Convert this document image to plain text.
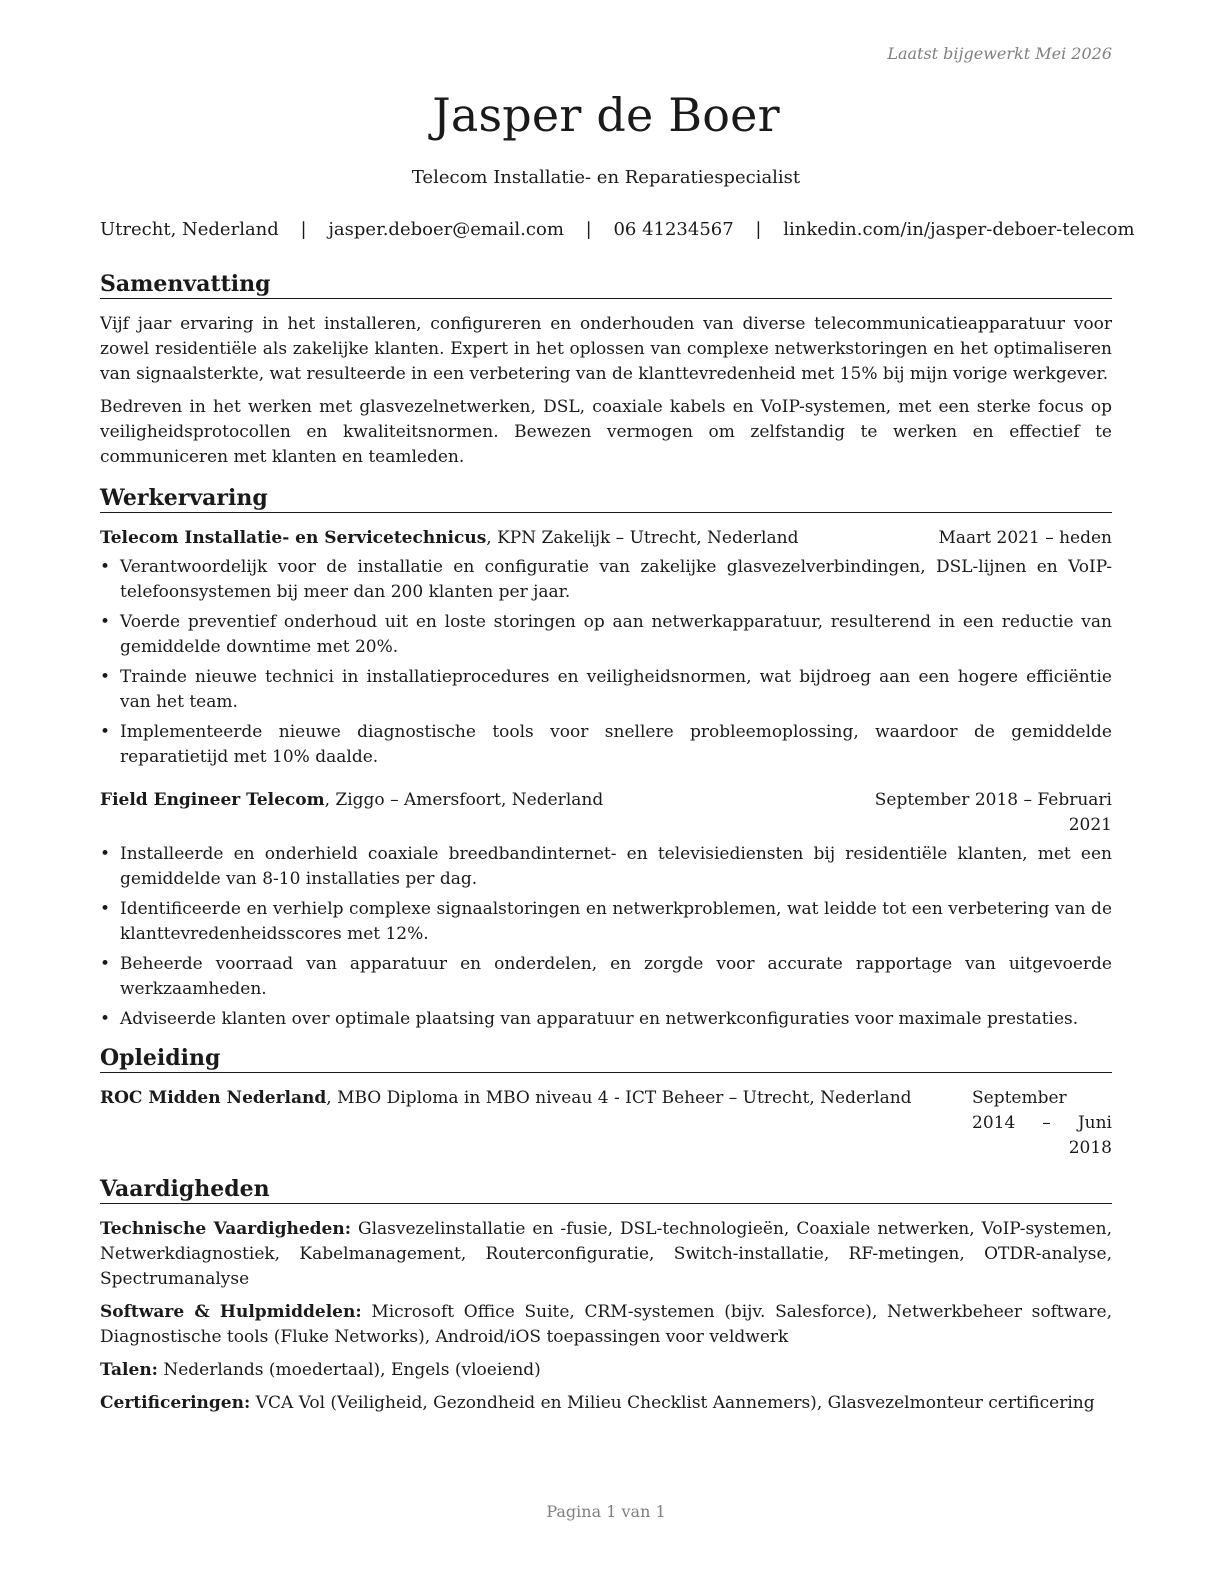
Laatst bijgewerkt Mei 2026
Jasper de Boer
Telecom Installatie- en Reparatiespecialist
Utrecht, Nederland | jasper.deboer@email.com | 06 41234567 | linkedin.com/in/jasper-deboer-telecom
Samenvatting

Vijf jaar ervaring in het installeren, configureren en onderhouden van diverse telecommunicatieapparatuur voor zowel residentiële als zakelijke klanten. Expert in het oplossen van complexe netwerkstoringen en het optimaliseren van signaalsterkte, wat resulteerde in een verbetering van de klanttevredenheid met 15% bij mijn vorige werkgever.

Bedreven in het werken met glasvezelnetwerken, DSL, coaxiale kabels en VoIP-systemen, met een sterke focus op veiligheidsprotocollen en kwaliteitsnormen. Bewezen vermogen om zelfstandig te werken en effectief te communiceren met klanten en teamleden.

Werkervaring
Telecom Installatie- en Servicetechnicus, KPN Zakelijk – Utrecht, Nederland	Maart 2021 – heden
• Verantwoordelijk voor de installatie en configuratie van zakelijke glasvezelverbindingen, DSL-lijnen en VoIP-telefoonsystemen bij meer dan 200 klanten per jaar.
• Voerde preventief onderhoud uit en loste storingen op aan netwerkapparatuur, resulterend in een reductie van gemiddelde downtime met 20%.
• Trainde nieuwe technici in installatieprocedures en veiligheidsnormen, wat bijdroeg aan een hogere efficiëntie van het team.
• Implementeerde nieuwe diagnostische tools voor snellere probleemoplossing, waardoor de gemiddelde reparatietijd met 10% daalde.
Field Engineer Telecom, Ziggo – Amersfoort, Nederland	September 2018 – Februari 2021
• Installeerde en onderhield coaxiale breedbandinternet- en televisiediensten bij residentiële klanten, met een gemiddelde van 8-10 installaties per dag.
• Identificeerde en verhielp complexe signaalstoringen en netwerkproblemen, wat leidde tot een verbetering van de klanttevredenheidsscores met 12%.
• Beheerde voorraad van apparatuur en onderdelen, en zorgde voor accurate rapportage van uitgevoerde werkzaamheden.
• Adviseerde klanten over optimale plaatsing van apparatuur en netwerkconfiguraties voor maximale prestaties.
Opleiding
ROC Midden Nederland, MBO Diploma in MBO niveau 4 - ICT Beheer – Utrecht, Nederland	September 2014 – Juni 2018
Vaardigheden

Technische Vaardigheden: Glasvezelinstallatie en -fusie, DSL-technologieën, Coaxiale netwerken, VoIP-systemen, Netwerkdiagnostiek, Kabelmanagement, Routerconfiguratie, Switch-installatie, RF-metingen, OTDR-analyse, Spectrumanalyse

Software & Hulpmiddelen: Microsoft Office Suite, CRM-systemen (bijv. Salesforce), Netwerkbeheer software, Diagnostische tools (Fluke Networks), Android/iOS toepassingen voor veldwerk

Talen: Nederlands (moedertaal), Engels (vloeiend)

Certificeringen: VCA Vol (Veiligheid, Gezondheid en Milieu Checklist Aannemers), Glasvezelmonteur certificering

Pagina 1 van 1
